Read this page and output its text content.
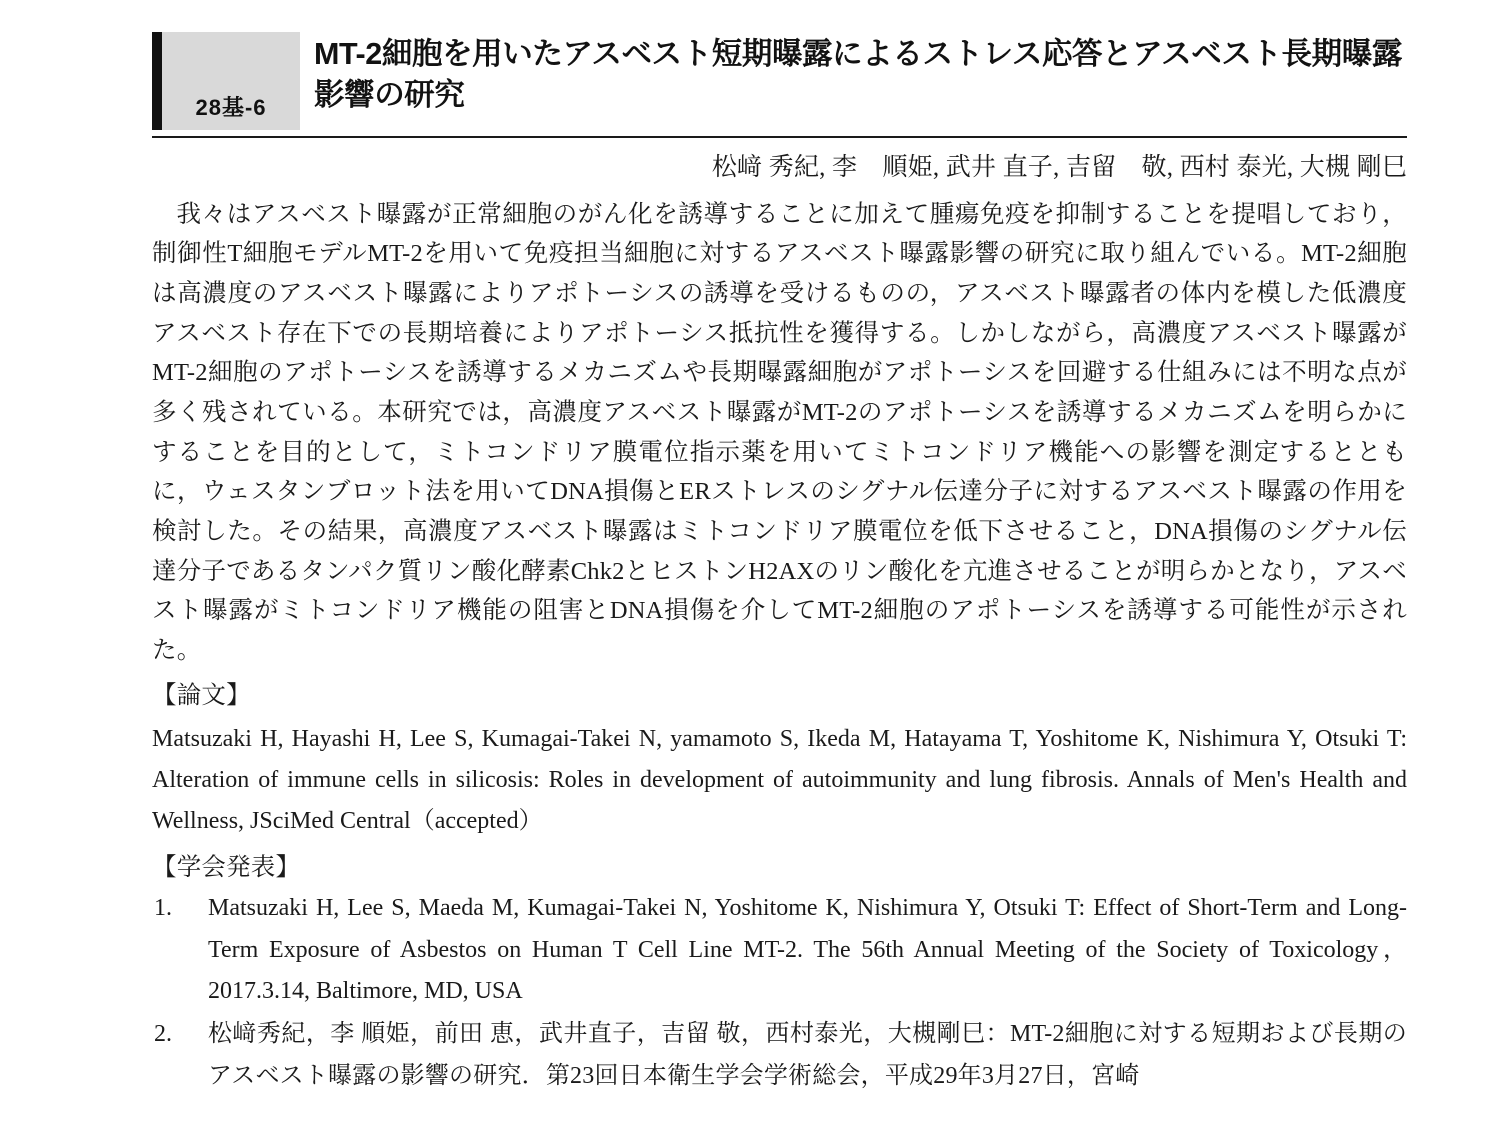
28基-6
MT-2細胞を用いたアスベスト短期曝露によるストレス応答とアスベスト長期曝露影響の研究
松﨑 秀紀, 李　順姫, 武井 直子, 吉留　敬, 西村 泰光, 大槻 剛巳
我々はアスベスト曝露が正常細胞のがん化を誘導することに加えて腫瘍免疫を抑制することを提唱しており，制御性T細胞モデルMT-2を用いて免疫担当細胞に対するアスベスト曝露影響の研究に取り組んでいる。MT-2細胞は高濃度のアスベスト曝露によりアポトーシスの誘導を受けるものの，アスベスト曝露者の体内を模した低濃度アスベスト存在下での長期培養によりアポトーシス抵抗性を獲得する。しかしながら，高濃度アスベスト曝露がMT-2細胞のアポトーシスを誘導するメカニズムや長期曝露細胞がアポトーシスを回避する仕組みには不明な点が多く残されている。本研究では，高濃度アスベスト曝露がMT-2のアポトーシスを誘導するメカニズムを明らかにすることを目的として，ミトコンドリア膜電位指示薬を用いてミトコンドリア機能への影響を測定するとともに，ウェスタンブロット法を用いてDNA損傷とERストレスのシグナル伝達分子に対するアスベスト曝露の作用を検討した。その結果，高濃度アスベスト曝露はミトコンドリア膜電位を低下させること，DNA損傷のシグナル伝達分子であるタンパク質リン酸化酵素Chk2とヒストンH2AXのリン酸化を亢進させることが明らかとなり，アスベスト曝露がミトコンドリア機能の阻害とDNA損傷を介してMT-2細胞のアポトーシスを誘導する可能性が示された。
【論文】
Matsuzaki H, Hayashi H, Lee S, Kumagai-Takei N, yamamoto S, Ikeda M, Hatayama T, Yoshitome K, Nishimura Y, Otsuki T: Alteration of immune cells in silicosis: Roles in development of autoimmunity and lung fibrosis. Annals of Men's Health and Wellness, JSciMed Central（accepted）
【学会発表】
1.	Matsuzaki H, Lee S, Maeda M, Kumagai-Takei N, Yoshitome K, Nishimura Y, Otsuki T: Effect of Short-Term and Long-Term Exposure of Asbestos on Human T Cell Line MT-2. The 56th Annual Meeting of the Society of Toxicology，2017.3.14, Baltimore, MD, USA
2.	松﨑秀紀，李 順姫，前田 恵，武井直子，吉留 敬，西村泰光，大槻剛巳：MT-2細胞に対する短期および長期のアスベスト曝露の影響の研究．第23回日本衛生学会学術総会，平成29年3月27日，宮崎
